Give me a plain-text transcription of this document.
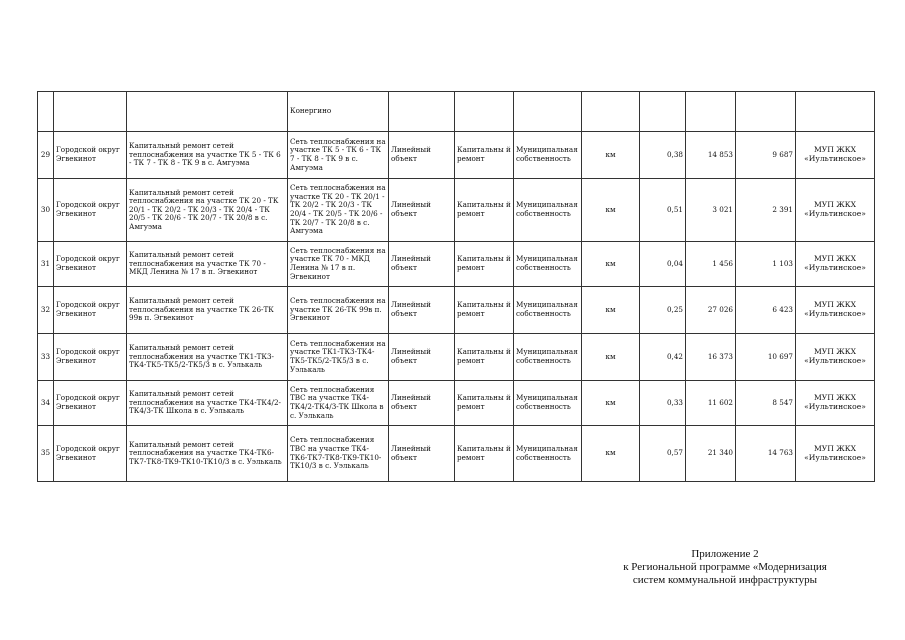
			Конергино								
29	Городской округ Эгвекинот	Капитальный ремонт сетей теплоснабжения на участке ТК 5 - ТК 6 - ТК 7 - ТК 8 - ТК 9 в с. Амгуэма	Сеть теплоснабжения на участке ТК 5 - ТК 6 - ТК 7 - ТК 8 - ТК 9 в с. Амгуэма	Линейный объект	Капитальны й ремонт	Муниципальная собственность	км	0,38	14 853	9 687	МУП ЖКХ «Иультинское»
30	Городской округ Эгвекинот	Капитальный ремонт сетей теплоснабжения на участке ТК 20 - ТК 20/1 - ТК 20/2 - ТК 20/3 - ТК 20/4 - ТК 20/5 - ТК 20/6 - ТК 20/7 - ТК 20/8 в с. Амгуэма	Сеть теплоснабжения на участке ТК 20 - ТК 20/1 - ТК 20/2 - ТК 20/3 - ТК 20/4 - ТК 20/5 - ТК 20/6 - ТК 20/7 - ТК 20/8 в с. Амгуэма	Линейный объект	Капитальны й ремонт	Муниципальная собственность	км	0,51	3 021	2 391	МУП ЖКХ «Иультинское»
31	Городской округ Эгвекинот	Капитальный ремонт сетей теплоснабжения на участке ТК 70 - МКД Ленина № 17 в п. Эгвекинот	Сеть теплоснабжения на участке ТК 70 - МКД Ленина № 17 в п. Эгвекинот	Линейный объект	Капитальны й ремонт	Муниципальная собственность	км	0,04	1 456	1 103	МУП ЖКХ «Иультинское»
32	Городской округ Эгвекинот	Капитальный ремонт сетей теплоснабжения на участке ТК 26-ТК 99в п. Эгвекинот	Сеть теплоснабжения на участке ТК 26-ТК 99в п. Эгвекинот	Линейный объект	Капитальны й ремонт	Муниципальная собственность	км	0,25	27 026	6 423	МУП ЖКХ «Иультинское»
33	Городской округ Эгвекинот	Капитальный ремонт сетей теплоснабжения на участке ТК1-ТК3-ТК4-ТК5-ТК5/2-ТК5/3 в с. Уэлькаль	Сеть теплоснабжения на участке ТК1-ТК3-ТК4-ТК5-ТК5/2-ТК5/3 в с. Уэлькаль	Линейный объект	Капитальны й ремонт	Муниципальная собственность	км	0,42	16 373	10 697	МУП ЖКХ «Иультинское»
34	Городской округ Эгвекинот	Капитальный ремонт сетей теплоснабжения на участке ТК4-ТК4/2-ТК4/3-ТК Школа в с. Уэлькаль	Сеть теплоснабжения ТВС на участке ТК4-ТК4/2-ТК4/3-ТК Школа в с. Уэлькаль	Линейный объект	Капитальны й ремонт	Муниципальная собственность	км	0,33	11 602	8 547	МУП ЖКХ «Иультинское»
35	Городской округ Эгвекинот	Капитальный ремонт сетей теплоснабжения на участке ТК4-ТК6-ТК7-ТК8-ТК9-ТК10-ТК10/3 в с. Уэлькаль	Сеть теплоснабжения ТВС на участке ТК4-ТК6-ТК7-ТК8-ТК9-ТК10-ТК10/3 в с. Уэлькаль	Линейный объект	Капитальны й ремонт	Муниципальная собственность	км	0,57	21 340	14 763	МУП ЖКХ «Иультинское»
Приложение 2
к Региональной программе «Модернизация
систем коммунальной инфраструктуры
